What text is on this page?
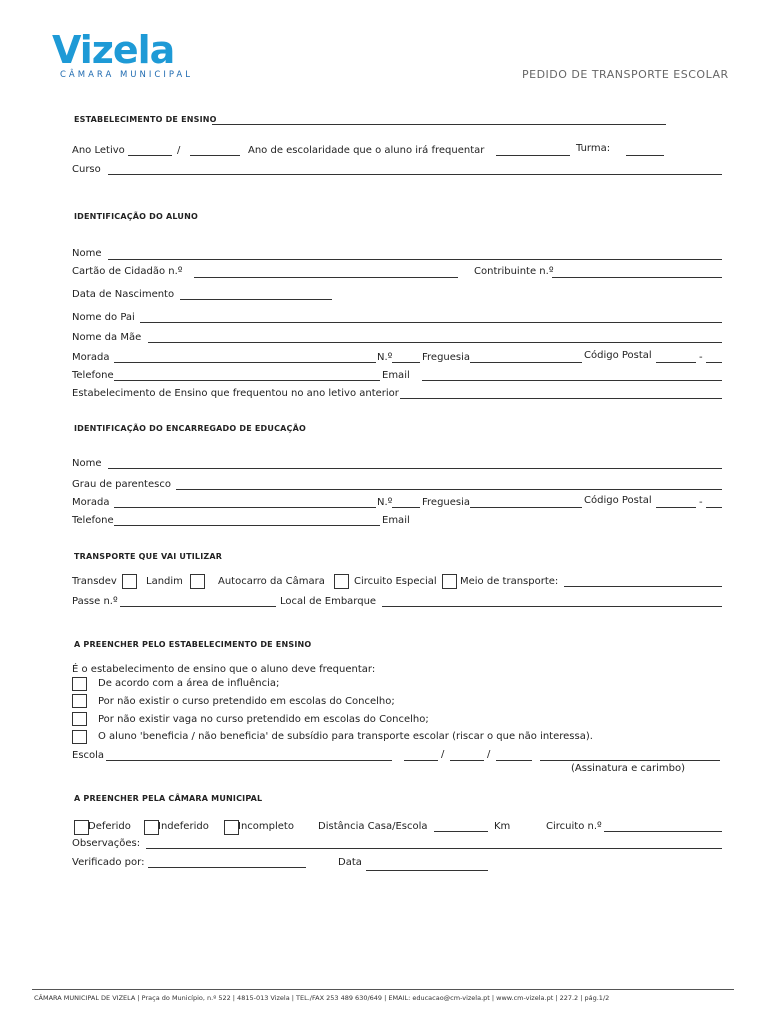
Vizela
CÂMARA MUNICIPAL	PEDIDO DE TRANSPORTE ESCOLAR
ESTABELECIMENTO DE ENSINO
Ano Letivo	/	Ano de escolaridade que o aluno irá frequentar	Turma:
Curso
IDENTIFICAÇÃO DO ALUNO
Nome
Cartão de Cidadão n.º	Contribuinte n.º
Data de Nascimento
Nome do Pai
Nome da Mãe
Morada	N.º	Freguesia	Código Postal	-
Telefone	Email
Estabelecimento de Ensino que frequentou no ano letivo anterior
IDENTIFICAÇÃO DO ENCARREGADO DE EDUCAÇÃO
Nome
Grau de parentesco
Morada	N.º	Freguesia	Código Postal	-
Telefone	Email
TRANSPORTE QUE VAI UTILIZAR
Transdev	Landim	Autocarro da Câmara	Circuito Especial Meio de transporte:
Passe n.º	Local de Embarque
A PREENCHER PELO ESTABELECIMENTO DE ENSINO
É o estabelecimento de ensino que o aluno deve frequentar:
De acordo com a área de influência;
Por não existir o curso pretendido em escolas do Concelho;
Por não existir vaga no curso pretendido em escolas do Concelho;
O aluno 'beneficia / não beneficia' de subsídio para transporte escolar (riscar o que não interessa).
Escola	/	/
(Assinatura e carimbo)
A PREENCHER PELA CÂMARA MUNICIPAL
Deferido	Indeferido	Incompleto Distância Casa/Escola	Km	Circuito n.º
Observações:
Verificado por:	Data
CÂMARA MUNICIPAL DE VIZELA | Praça do Município, n.º 522 | 4815-013 Vizela | TEL./FAX 253 489 630/649 | EMAIL: educacao@cm-vizela.pt | www.cm-vizela.pt | 227.2 | pág.1/2
